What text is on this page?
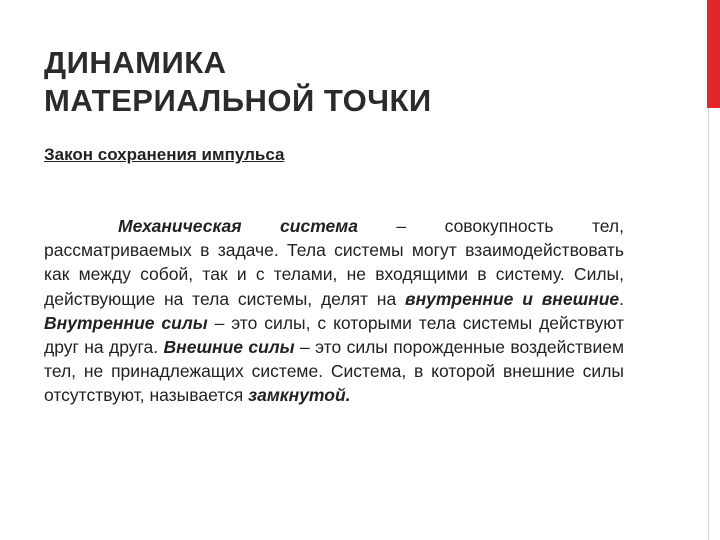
ДИНАМИКА
МАТЕРИАЛЬНОЙ ТОЧКИ

Закон сохранения импульса

Механическая система – совокупность тел, рассматриваемых в задаче. Тела системы могут взаимодействовать как между собой, так и с телами, не входящими в систему. Силы, действующие на тела системы, делят на внутренние и внешние. Внутренние силы – это силы, с которыми тела системы действуют друг на друга. Внешние силы – это силы порожденные воздействием тел, не принадлежащих системе. Система, в которой внешние силы отсутствуют, называется замкнутой.
